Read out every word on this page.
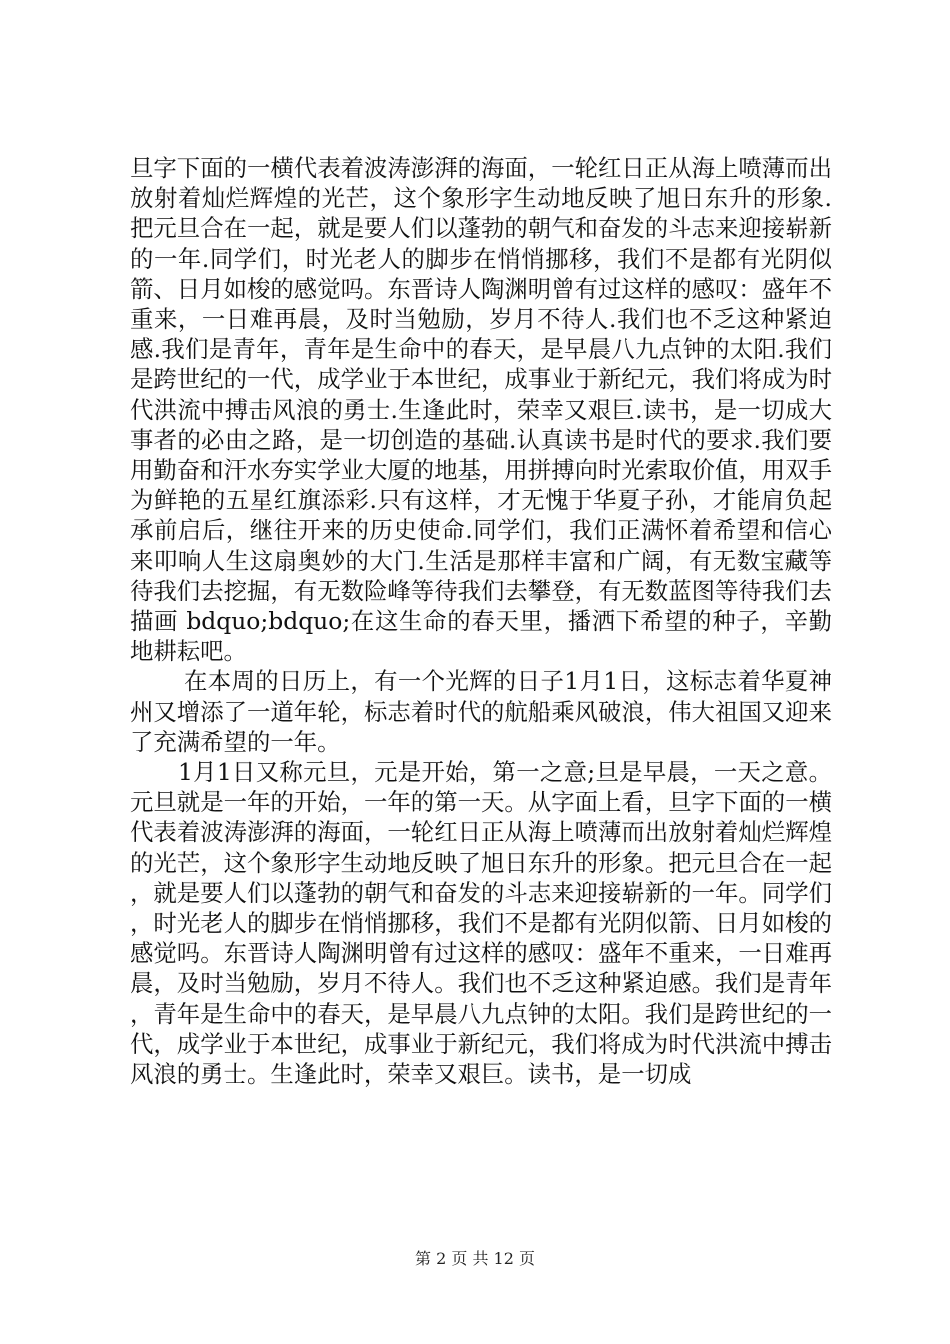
旦字下面的一横代表着波涛澎湃的海面，一轮红日正从海上喷薄而出放射着灿烂辉煌的光芒，这个象形字生动地反映了旭日东升的形象.把元旦合在一起，就是要人们以蓬勃的朝气和奋发的斗志来迎接崭新的一年.同学们，时光老人的脚步在悄悄挪移，我们不是都有光阴似箭、日月如梭的感觉吗。东晋诗人陶渊明曾有过这样的感叹：盛年不重来，一日难再晨，及时当勉励，岁月不待人.我们也不乏这种紧迫感.我们是青年，青年是生命中的春天，是早晨八九点钟的太阳.我们是跨世纪的一代，成学业于本世纪，成事业于新纪元，我们将成为时代洪流中搏击风浪的勇士.生逢此时，荣幸又艰巨.读书，是一切成大事者的必由之路，是一切创造的基础.认真读书是时代的要求.我们要用勤奋和汗水夯实学业大厦的地基，用拼搏向时光索取价值，用双手为鲜艳的五星红旗添彩.只有这样，才无愧于华夏子孙，才能肩负起承前启后，继往开来的历史使命.同学们，我们正满怀着希望和信心来叩响人生这扇奥妙的大门.生活是那样丰富和广阔，有无数宝藏等待我们去挖掘，有无数险峰等待我们去攀登，有无数蓝图等待我们去描画 bdquo;bdquo;在这生命的春天里，播洒下希望的种子，辛勤地耕耘吧。

在本周的日历上，有一个光辉的日子1月1日，这标志着华夏神州又增添了一道年轮，标志着时代的航船乘风破浪，伟大祖国又迎来了充满希望的一年。

1月1日又称元旦，元是开始，第一之意;旦是早晨，一天之意。元旦就是一年的开始，一年的第一天。从字面上看，旦字下面的一横代表着波涛澎湃的海面，一轮红日正从海上喷薄而出放射着灿烂辉煌的光芒，这个象形字生动地反映了旭日东升的形象。把元旦合在一起，就是要人们以蓬勃的朝气和奋发的斗志来迎接崭新的一年。同学们，时光老人的脚步在悄悄挪移，我们不是都有光阴似箭、日月如梭的感觉吗。东晋诗人陶渊明曾有过这样的感叹：盛年不重来，一日难再晨，及时当勉励，岁月不待人。我们也不乏这种紧迫感。我们是青年，青年是生命中的春天，是早晨八九点钟的太阳。我们是跨世纪的一代，成学业于本世纪，成事业于新纪元，我们将成为时代洪流中搏击风浪的勇士。生逢此时，荣幸又艰巨。读书，是一切成

第 2 页 共 12 页
